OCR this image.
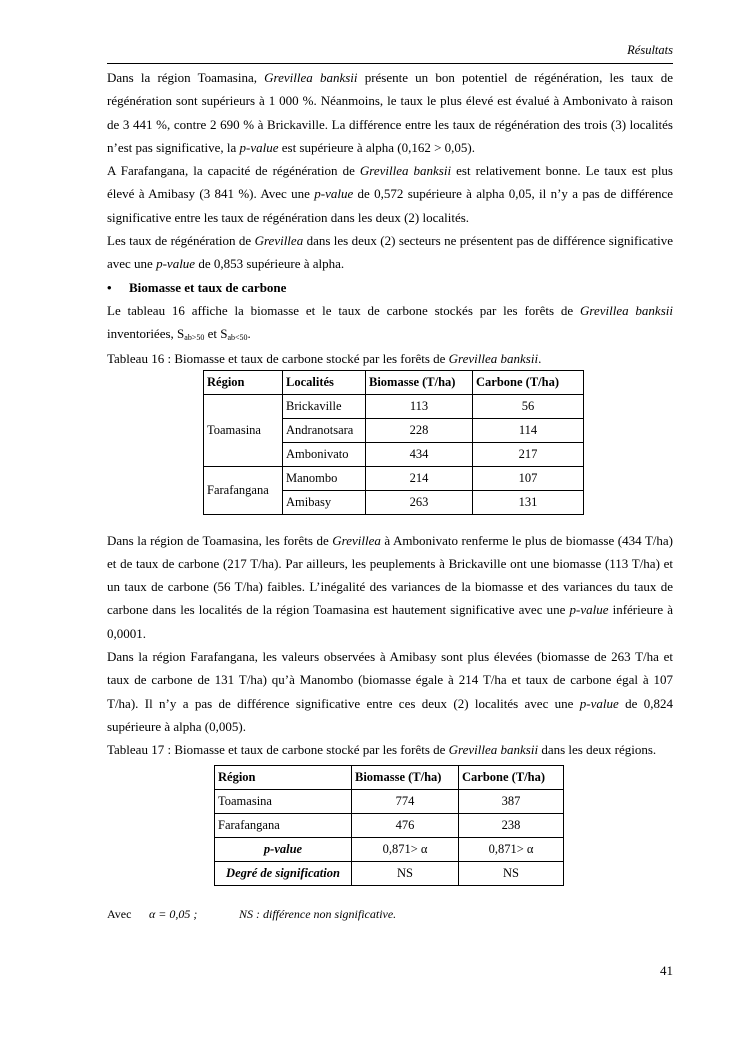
Résultats

Dans la région Toamasina, Grevillea banksii présente un bon potentiel de régénération, les taux de régénération sont supérieurs à 1 000 %. Néanmoins, le taux le plus élevé est évalué à Ambonivato à raison de 3 441 %, contre 2 690 % à Brickaville. La différence entre les taux de régénération des trois (3) localités n’est pas significative, la p-value est supérieure à alpha (0,162 > 0,05).

A Farafangana, la capacité de régénération de Grevillea banksii est relativement bonne. Le taux est plus élevé à Amibasy (3 841 %). Avec une p-value de 0,572 supérieure à alpha 0,05, il n’y a pas de différence significative entre les taux de régénération dans les deux (2) localités.

Les taux de régénération de Grevillea dans les deux (2) secteurs ne présentent pas de différence significative avec une p-value de 0,853 supérieure à alpha.

•	Biomasse et taux de carbone

Le tableau 16 affiche la biomasse et le taux de carbone stockés par les forêts de Grevillea banksii inventoriées, $S_{ab>50}$ et $S_{ab<50}$.

Tableau 16 : Biomasse et taux de carbone stocké par les forêts de Grevillea banksii.

Région	Localités	Biomasse (T/ha)	Carbone (T/ha)
Toamasina	Brickaville	113	56
	Andranotsara	228	114
	Ambonivato	434	217
Farafangana	Manombo	214	107
	Amibasy	263	131

Dans la région de Toamasina, les forêts de Grevillea à Ambonivato renferme le plus de biomasse (434 T/ha) et de taux de carbone (217 T/ha). Par ailleurs, les peuplements à Brickaville ont une biomasse (113 T/ha) et un taux de carbone (56 T/ha) faibles. L’inégalité des variances de la biomasse et des variances du taux de carbone dans les localités de la région Toamasina est hautement significative avec une p-value inférieure à 0,0001.

Dans la région Farafangana, les valeurs observées à Amibasy sont plus élevées (biomasse de 263 T/ha et taux de carbone de 131 T/ha) qu’à Manombo (biomasse égale à 214 T/ha et taux de carbone égal à 107 T/ha). Il n’y a pas de différence significative entre ces deux (2) localités avec une p-value de 0,824 supérieure à alpha (0,005).

Tableau 17 : Biomasse et taux de carbone stocké par les forêts de Grevillea banksii dans les deux régions.

Région	Biomasse (T/ha)	Carbone (T/ha)
Toamasina	774	387
Farafangana	476	238
p-value	0,871> α	0,871> α
Degré de signification	NS	NS
Avec α = 0,05 ;	NS : différence non significative.
41
